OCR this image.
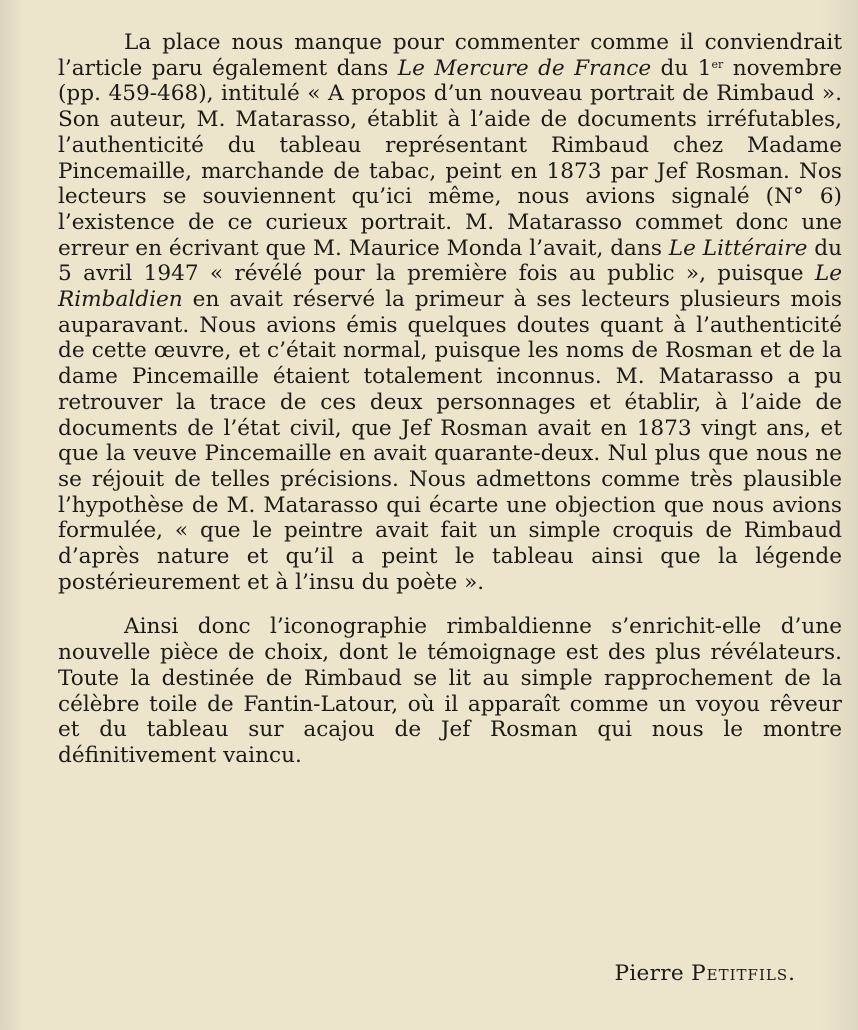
La place nous manque pour commenter comme il conviendrait l’article paru également dans Le Mercure de France du 1er novembre (pp. 459-468), intitulé « A propos d’un nouveau portrait de Rimbaud ». Son auteur, M. Matarasso, établit à l’aide de documents irréfutables, l’authenticité du tableau représentant Rimbaud chez Madame Pincemaille, marchande de tabac, peint en 1873 par Jef Rosman. Nos lecteurs se souviennent qu’ici même, nous avions signalé (N° 6) l’existence de ce curieux portrait. M. Matarasso commet donc une erreur en écrivant que M. Maurice Monda l’avait, dans Le Littéraire du 5 avril 1947 « révélé pour la première fois au public », puisque Le Rimbaldien en avait réservé la primeur à ses lecteurs plusieurs mois auparavant. Nous avions émis quelques doutes quant à l’authenticité de cette œuvre, et c’était normal, puisque les noms de Rosman et de la dame Pincemaille étaient totalement inconnus. M. Matarasso a pu retrouver la trace de ces deux personnages et établir, à l’aide de documents de l’état civil, que Jef Rosman avait en 1873 vingt ans, et que la veuve Pincemaille en avait quarante-deux. Nul plus que nous ne se réjouit de telles précisions. Nous admettons comme très plausible l’hypothèse de M. Matarasso qui écarte une objection que nous avions formulée, « que le peintre avait fait un simple croquis de Rimbaud d’après nature et qu’il a peint le tableau ainsi que la légende postérieurement et à l’insu du poète ».

Ainsi donc l’iconographie rimbaldienne s’enrichit-elle d’une nouvelle pièce de choix, dont le témoignage est des plus révélateurs. Toute la destinée de Rimbaud se lit au simple rapprochement de la célèbre toile de Fantin-Latour, où il apparaît comme un voyou rêveur et du tableau sur acajou de Jef Rosman qui nous le montre définitivement vaincu.

Pierre Petitfils.
